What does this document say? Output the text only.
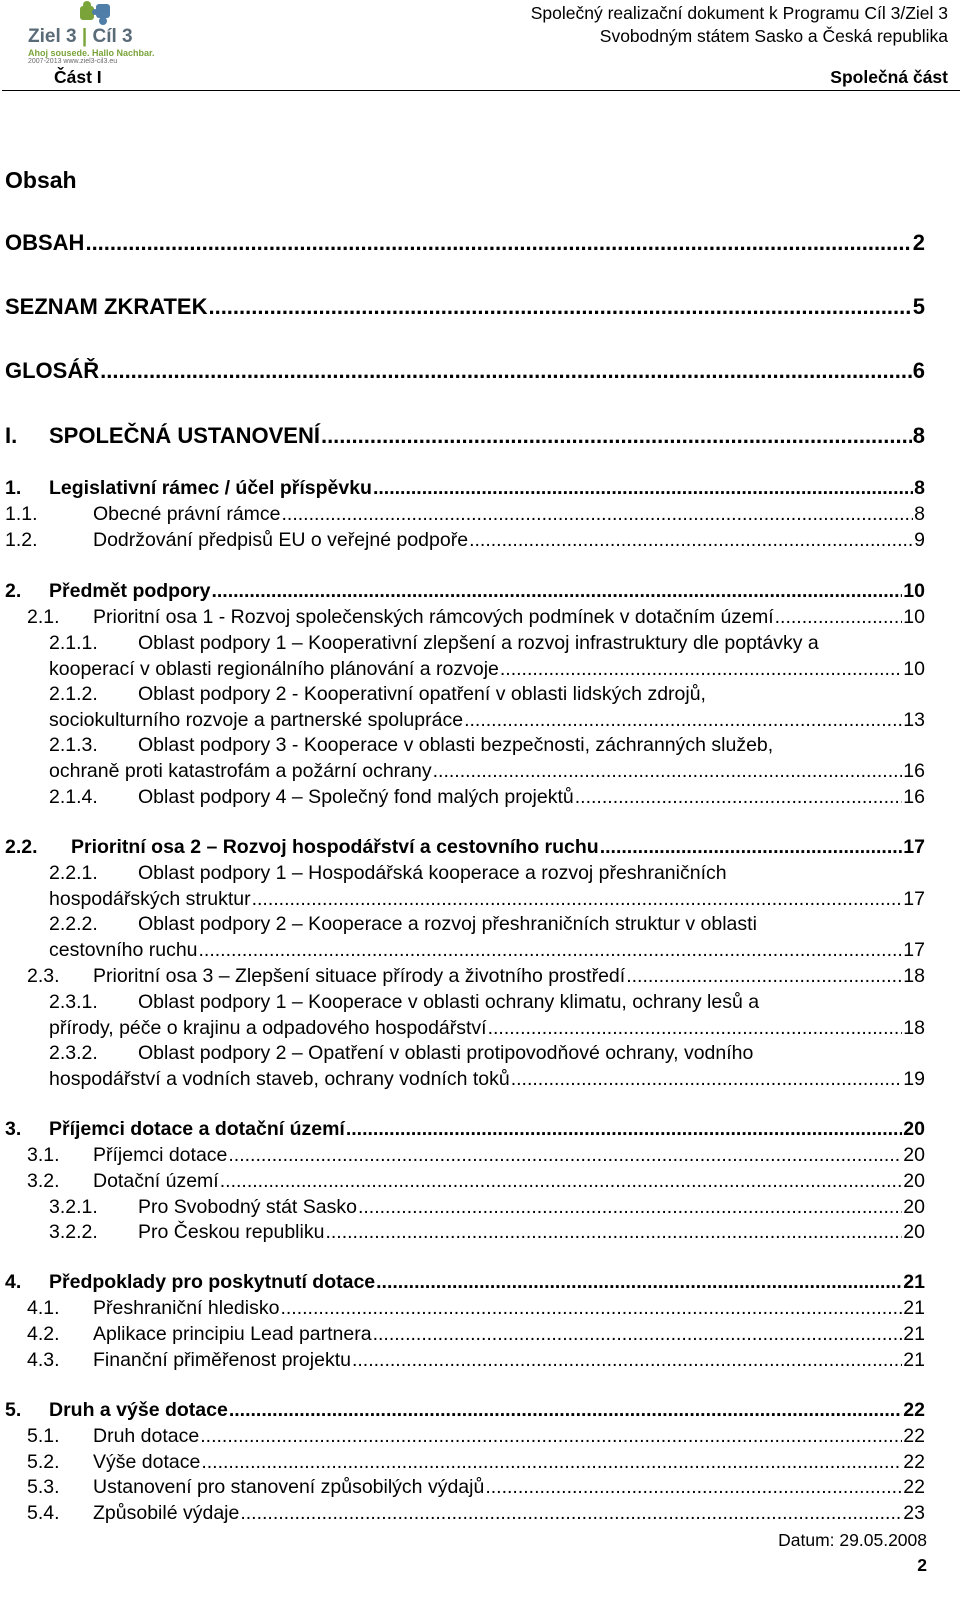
Ziel 3 | Cíl 3
Ahoj sousede. Hallo Nachbar.
2007-2013 www.ziel3-cil3.eu
Společný realizační dokument k Programu Cíl 3/Ziel 3
Svobodným státem Sasko a Česká republika
Část I	Společná část
Obsah
OBSAH .....	2
SEZNAM ZKRATEK .....	5
GLOSÁŘ .....	6
I. SPOLEČNÁ USTANOVENÍ .....	8
1. Legislativní rámec / účel příspěvku .....	8
1.1.	Obecné právní rámce .....	8
1.2.	Dodržování předpisů EU o veřejné podpoře .....	9
2. Předmět podpory .....	10
2.1. Prioritní osa 1 - Rozvoj společenských rámcových podmínek v dotačním území .....	10
2.1.1. Oblast podpory 1 – Kooperativní zlepšení a rozvoj infrastruktury dle poptávky a
kooperací v oblasti regionálního plánování a rozvoje .....	10
2.1.2. Oblast podpory 2 - Kooperativní opatření v oblasti lidských zdrojů,
sociokulturního rozvoje a partnerské spolupráce .....	13
2.1.3. Oblast podpory 3 - Kooperace v oblasti bezpečnosti, záchranných služeb,
ochraně proti katastrofám a požární ochrany .....	16
2.1.4. Oblast podpory 4 – Společný fond malých projektů .....	16
2.2. Prioritní osa 2 – Rozvoj hospodářství a cestovního ruchu .....	17
2.2.1. Oblast podpory 1 – Hospodářská kooperace a rozvoj přeshraničních
hospodářských struktur .....	17
2.2.2. Oblast podpory 2 – Kooperace a rozvoj přeshraničních struktur v oblasti
cestovního ruchu .....	17
2.3. Prioritní osa 3 – Zlepšení situace přírody a životního prostředí .....	18
2.3.1. Oblast podpory 1 – Kooperace v oblasti ochrany klimatu, ochrany lesů a
přírody, péče o krajinu a odpadového hospodářství .....	18
2.3.2. Oblast podpory 2 – Opatření v oblasti protipovodňové ochrany, vodního
hospodářství a vodních staveb, ochrany vodních toků .....	19
3. Příjemci dotace a dotační území .....	20
3.1. Příjemci dotace .....	20
3.2. Dotační území .....	20
3.2.1. Pro Svobodný stát Sasko .....	20
3.2.2. Pro Českou republiku .....	20
4. Předpoklady pro poskytnutí dotace .....	21
4.1. Přeshraniční hledisko .....	21
4.2. Aplikace principiu Lead partnera .....	21
4.3. Finanční přiměřenost projektu .....	21
5. Druh a výše dotace .....	22
5.1. Druh dotace .....	22
5.2. Výše dotace .....	22
5.3. Ustanovení pro stanovení způsobilých výdajů .....	22
5.4. Způsobilé výdaje .....	23
Datum: 29.05.2008
2
